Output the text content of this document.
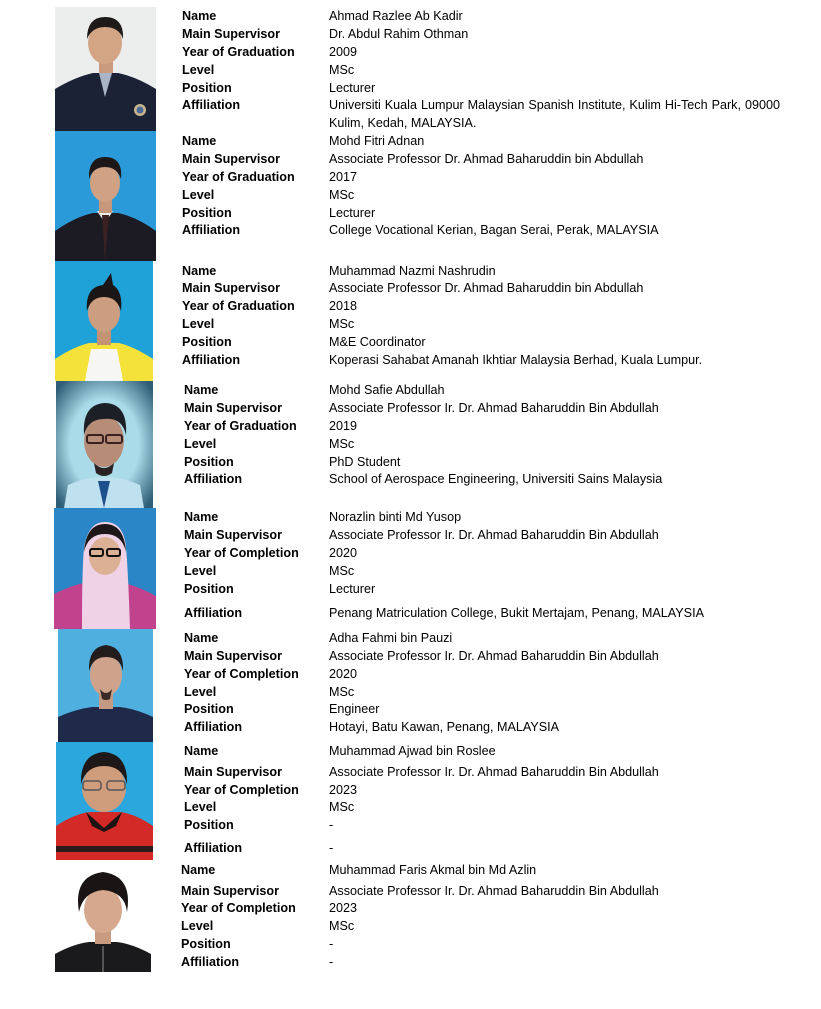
Name	Ahmad Razlee Ab Kadir
Main Supervisor	Dr. Abdul Rahim Othman
Year of Graduation	2009
Level	MSc
Position	Lecturer
Affiliation	Universiti Kuala Lumpur Malaysian Spanish Institute, Kulim Hi-Tech Park, 09000 Kulim, Kedah, MALAYSIA.
Name	Mohd Fitri Adnan
Main Supervisor	Associate Professor Dr. Ahmad Baharuddin bin Abdullah
Year of Graduation	2017
Level	MSc
Position	Lecturer
Affiliation	College Vocational Kerian, Bagan Serai, Perak, MALAYSIA
Name	Muhammad Nazmi Nashrudin
Main Supervisor	Associate Professor Dr. Ahmad Baharuddin bin Abdullah
Year of Graduation	2018
Level	MSc
Position	M&E Coordinator
Affiliation	Koperasi Sahabat Amanah Ikhtiar Malaysia Berhad, Kuala Lumpur.
Name	Mohd Safie Abdullah
Main Supervisor	Associate Professor Ir. Dr. Ahmad Baharuddin Bin Abdullah
Year of Graduation	2019
Level	MSc
Position	PhD Student
Affiliation	School of Aerospace Engineering, Universiti Sains Malaysia
Name	Norazlin binti Md Yusop
Main Supervisor	Associate Professor Ir. Dr. Ahmad Baharuddin Bin Abdullah
Year of Completion 2020
Level	MSc
Position	Lecturer
Affiliation	Penang Matriculation College, Bukit Mertajam, Penang, MALAYSIA
Name	Adha Fahmi bin Pauzi
Main Supervisor	Associate Professor Ir. Dr. Ahmad Baharuddin Bin Abdullah
Year of Completion 2020
Level	MSc
Position	Engineer
Affiliation	Hotayi, Batu Kawan, Penang, MALAYSIA
Name	Muhammad Ajwad bin Roslee
Main Supervisor	Associate Professor Ir. Dr. Ahmad Baharuddin Bin Abdullah
Year of Completion 2023
Level	MSc
Position	-
Affiliation	-
Name	Muhammad Faris Akmal bin Md Azlin
Main Supervisor	Associate Professor Ir. Dr. Ahmad Baharuddin Bin Abdullah
Year of Completion	2023
Level	MSc
Position	-
Affiliation	-
